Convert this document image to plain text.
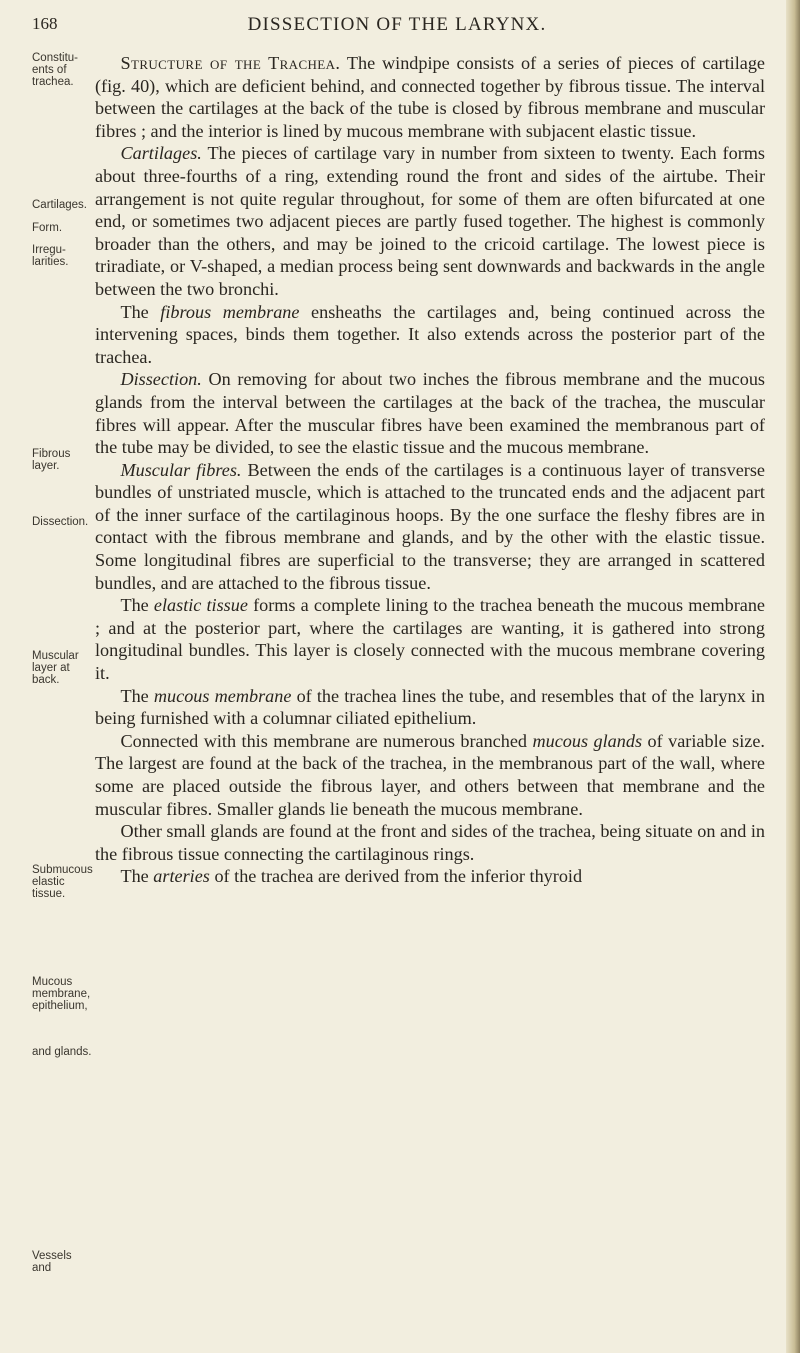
168	DISSECTION OF THE LARYNX.
Constitu-
ents of
trachea.
Cartilages.
Form.
Irregu-
larities.
Fibrous
layer.
Dissection.
Muscular
layer at
back.
Submucous
elastic
tissue.
Mucous
membrane,
epithelium,
and glands.
Vessels and

Structure of the Trachea. The windpipe consists of a series of pieces of cartilage (fig. 40), which are deficient behind, and connected together by fibrous tissue. The interval between the cartilages at the back of the tube is closed by fibrous membrane and muscular fibres ; and the interior is lined by mucous membrane with subjacent elastic tissue.

Cartilages. The pieces of cartilage vary in number from sixteen to twenty. Each forms about three-fourths of a ring, extending round the front and sides of the airtube. Their arrangement is not quite regular throughout, for some of them are often bifurcated at one end, or sometimes two adjacent pieces are partly fused together. The highest is commonly broader than the others, and may be joined to the cricoid cartilage. The lowest piece is triradiate, or V-shaped, a median process being sent downwards and backwards in the angle between the two bronchi.

The fibrous membrane ensheaths the cartilages and, being continued across the intervening spaces, binds them together. It also extends across the posterior part of the trachea.

Dissection. On removing for about two inches the fibrous membrane and the mucous glands from the interval between the cartilages at the back of the trachea, the muscular fibres will appear. After the muscular fibres have been examined the membranous part of the tube may be divided, to see the elastic tissue and the mucous membrane.

Muscular fibres. Between the ends of the cartilages is a continuous layer of transverse bundles of unstriated muscle, which is attached to the truncated ends and the adjacent part of the inner surface of the cartilaginous hoops. By the one surface the fleshy fibres are in contact with the fibrous membrane and glands, and by the other with the elastic tissue. Some longitudinal fibres are superficial to the transverse; they are arranged in scattered bundles, and are attached to the fibrous tissue.

The elastic tissue forms a complete lining to the trachea beneath the mucous membrane ; and at the posterior part, where the cartilages are wanting, it is gathered into strong longitudinal bundles. This layer is closely connected with the mucous membrane covering it.

The mucous membrane of the trachea lines the tube, and resembles that of the larynx in being furnished with a columnar ciliated epithelium.

Connected with this membrane are numerous branched mucous glands of variable size. The largest are found at the back of the trachea, in the membranous part of the wall, where some are placed outside the fibrous layer, and others between that membrane and the muscular fibres. Smaller glands lie beneath the mucous membrane.

Other small glands are found at the front and sides of the trachea, being situate on and in the fibrous tissue connecting the cartilaginous rings.

The arteries of the trachea are derived from the inferior thyroid
